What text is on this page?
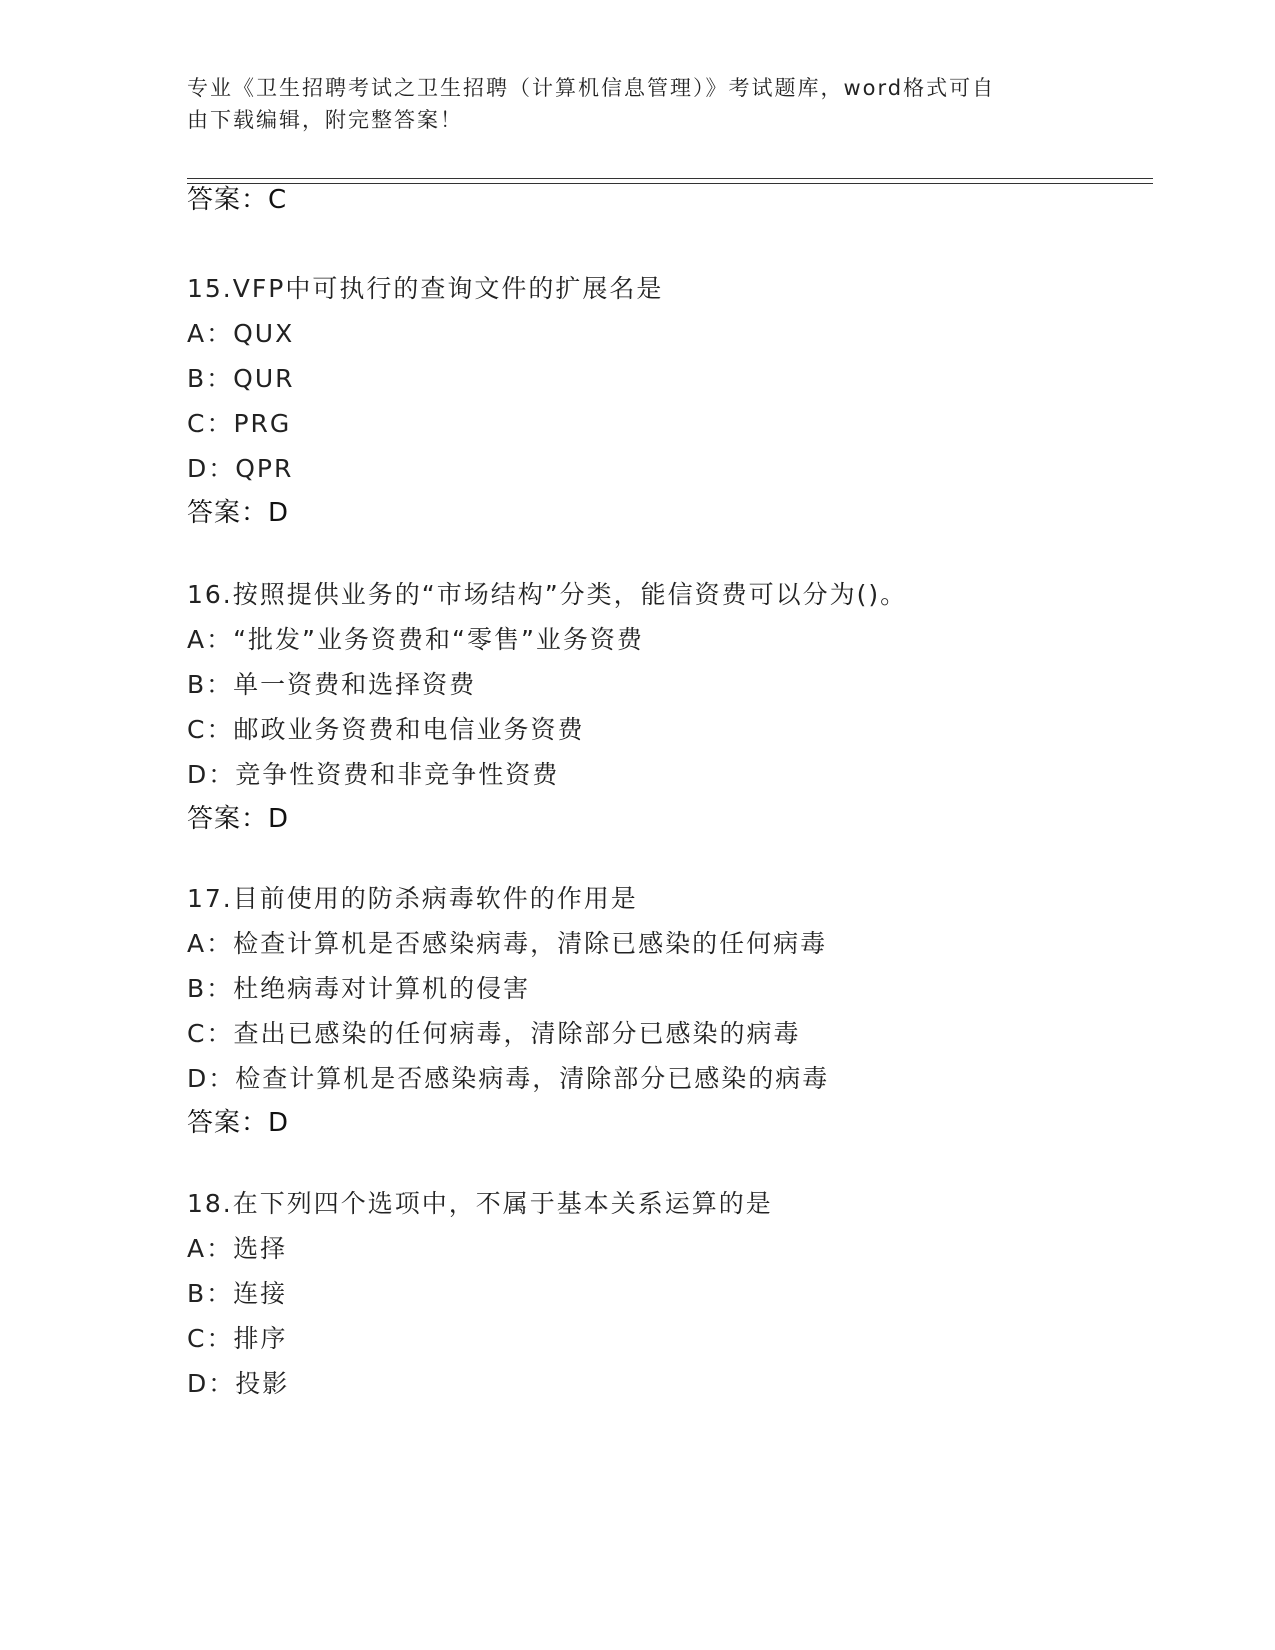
专业《卫生招聘考试之卫生招聘（计算机信息管理）》考试题库，word格式可自
由下载编辑，附完整答案！
答案：C
15.VFP中可执行的查询文件的扩展名是
A：QUX
B：QUR
C：PRG
D：QPR
答案：D
16.按照提供业务的“市场结构”分类，能信资费可以分为()。
A：“批发”业务资费和“零售”业务资费
B：单一资费和选择资费
C：邮政业务资费和电信业务资费
D：竞争性资费和非竞争性资费
答案：D
17.目前使用的防杀病毒软件的作用是
A：检查计算机是否感染病毒，清除已感染的任何病毒
B：杜绝病毒对计算机的侵害
C：查出已感染的任何病毒，清除部分已感染的病毒
D：检查计算机是否感染病毒，清除部分已感染的病毒
答案：D
18.在下列四个选项中，不属于基本关系运算的是
A：选择
B：连接
C：排序
D：投影
